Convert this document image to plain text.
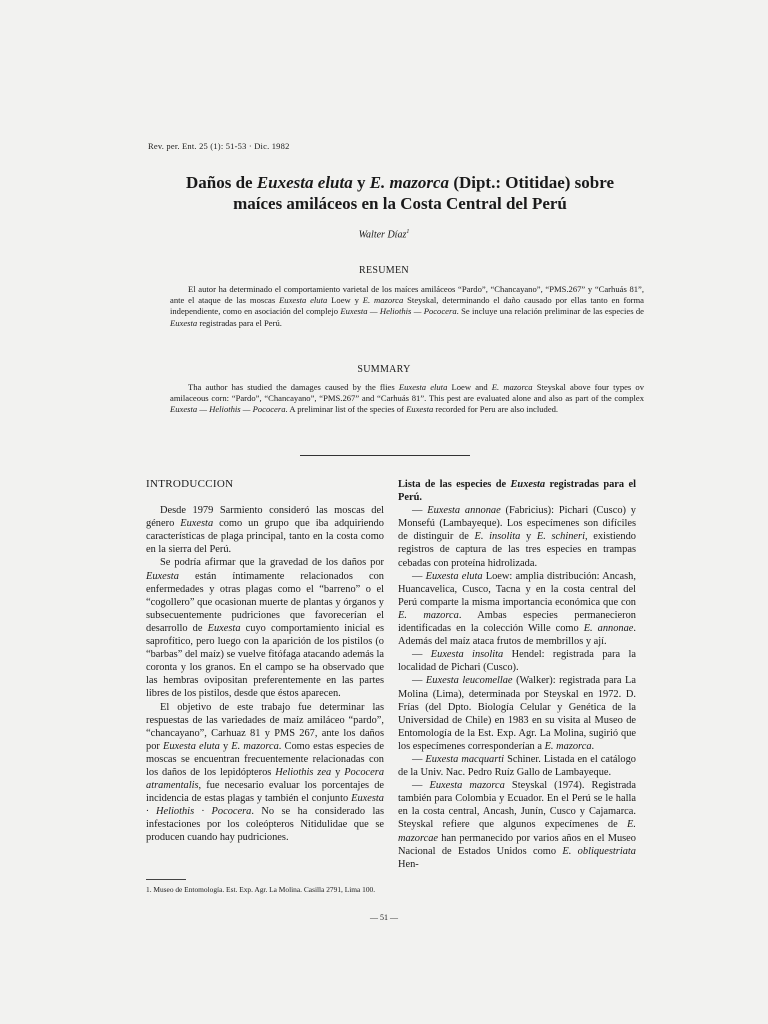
Rev. per. Ent. 25 (1): 51-53 · Dic. 1982
Daños de Euxesta eluta y E. mazorca (Dipt.: Otitidae) sobre
maíces amiláceos en la Costa Central del Perú
Walter Díaz$^1$
RESUMEN

El autor ha determinado el comportamiento varietal de los maíces amiláceos “Pardo”, “Chancayano”, “PMS.267” y “Carhuás 81”, ante el ataque de las moscas Euxesta eluta Loew y E. mazorca Steyskal, determinando el daño causado por ellas tanto en forma independiente, como en asociación del complejo Euxesta — Heliothis — Pococera. Se incluye una relación preliminar de las especies de Euxesta registradas para el Perú.

SUMMARY

Tha author has studied the damages caused by the flies Euxesta eluta Loew and E. mazorca Steyskal above four types ov amilaceous corn: “Pardo”, “Chancayano”, “PMS.267” and “Carhuás 81”. This pest are evaluated alone and also as part of the complex Euxesta — Heliothis — Pococera. A preliminar list of the species of Euxesta recorded for Peru are also included.

INTRODUCCION

Desde 1979 Sarmiento consideró las moscas del género Euxesta como un grupo que iba adquiriendo características de plaga principal, tanto en la costa como en la sierra del Perú.

Se podría afirmar que la gravedad de los daños por Euxesta están íntimamente relacionados con enfermedades y otras plagas como el “barreno” o el “cogollero” que ocasionan muerte de plantas y órganos y subsecuentemente pudriciones que favorecerían el desarrollo de Euxesta cuyo comportamiento inicial es saprofítico, pero luego con la aparición de los pistilos (o “barbas” del maíz) se vuelve fitófaga atacando además la coronta y los granos. En el campo se ha observado que las hembras ovipositan preferentemente en las partes libres de los pistilos, desde que éstos aparecen.

El objetivo de este trabajo fue determinar las respuestas de las variedades de maíz amiláceo “pardo”, “chancayano”, Carhuaz 81 y PMS 267, ante los daños por Euxesta eluta y E. mazorca. Como estas especies de moscas se encuentran frecuentemente relacionadas con los daños de los lepidópteros Heliothis zea y Pococera atramentalis, fue necesario evaluar los porcentajes de incidencia de estas plagas y también el conjunto Euxesta · Heliothis · Pococera. No se ha considerado las infestaciones por los coleópteros Nitidulidae que se producen cuando hay pudriciones.

Lista de las especies de Euxesta registradas para el Perú.

— Euxesta annonae (Fabricius): Pichari (Cusco) y Monsefú (Lambayeque). Los especímenes son difíciles de distinguir de E. insolita y E. schineri, existiendo registros de captura de las tres especies en trampas cebadas con proteína hidrolizada.

— Euxesta eluta Loew: amplia distribución: Ancash, Huancavelica, Cusco, Tacna y en la costa central del Perú comparte la misma importancia económica que con E. mazorca. Ambas especies permanecieron identificadas en la colección Wille como E. annonae. Además del maíz ataca frutos de membrillos y ají.

— Euxesta insolita Hendel: registrada para la localidad de Pichari (Cusco).

— Euxesta leucomellae (Walker): registrada para La Molina (Lima), determinada por Steyskal en 1972. D. Frías (del Dpto. Biología Celular y Genética de la Universidad de Chile) en 1983 en su visita al Museo de Entomología de la Est. Exp. Agr. La Molina, sugirió que los especímenes corresponderían a E. mazorca.

— Euxesta macquarti Schiner. Listada en el catálogo de la Univ. Nac. Pedro Ruíz Gallo de Lambayeque.

— Euxesta mazorca Steyskal (1974). Registrada también para Colombia y Ecuador. En el Perú se le halla en la costa central, Ancash, Junín, Cusco y Cajamarca. Steyskal refiere que algunos expecímenes de E. mazorcae han permanecido por varios años en el Museo Nacional de Estados Unidos como E. obliquestriata Hen-

1. Museo de Entomología. Est. Exp. Agr. La Molina. Casilla 2791, Lima 100.
— 51 —
